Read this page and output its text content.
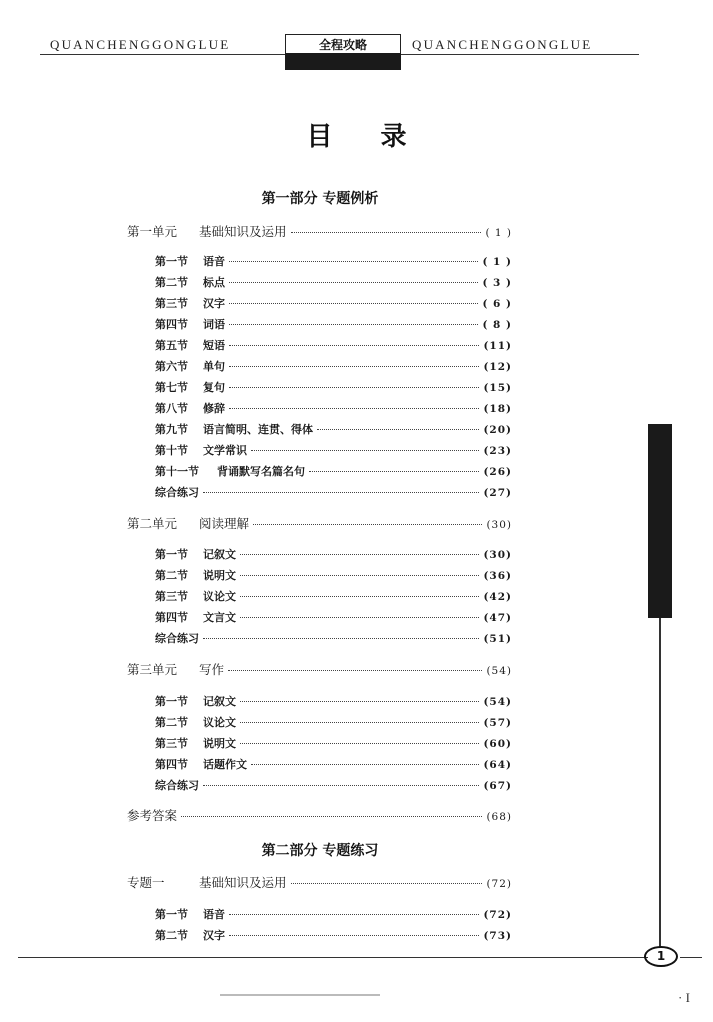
QUANCHENGGONGLUE	全程攻略	QUANCHENGGONGLUE
目录
第一部分 专题例析
第一单元	基础知识及运用	( 1 )
第一节	语音	( 1 )
第二节	标点	( 3 )
第三节	汉字	( 6 )
第四节	词语	( 8 )
第五节	短语	(11)
第六节	单句	(12)
第七节	复句	(15)
第八节	修辞	(18)
第九节	语言简明、连贯、得体	(20)
第十节	文学常识	(23)
第十一节	背诵默写名篇名句	(26)
综合练习	(27)
第二单元	阅读理解	(30)
第一节	记叙文	(30)
第二节	说明文	(36)
第三节	议论文	(42)
第四节	文言文	(47)
综合练习	(51)
第三单元	写作	(54)
第一节	记叙文	(54)
第二节	议论文	(57)
第三节	说明文	(60)
第四节	话题作文	(64)
综合练习	(67)
参考答案	(68)
第二部分 专题练习
专题一	基础知识及运用	(72)
第一节	语音	(72)
第二节	汉字	(73)
1
· I
